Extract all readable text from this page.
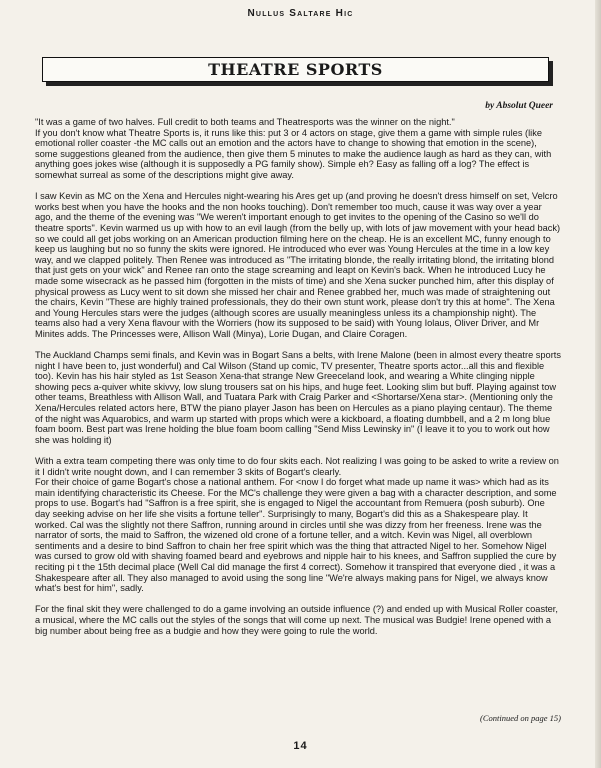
Nullus Saltare Hic
THEATRE SPORTS
by Absolut Queer

"It was a game of two halves. Full credit to both teams and Theatresports was the winner on the night."

If you don't know what Theatre Sports is, it runs like this: put 3 or 4 actors on stage, give them a game with simple rules (like emotional roller coaster -the MC calls out an emotion and the actors have to change to showing that emotion in the scene), some suggestions gleaned from the audience, then give them 5 minutes to make the audience laugh as hard as they can, with anything goes jokes wise (although it is supposedly a PG family show). Simple eh? Easy as falling off a log? The effect is somewhat surreal as some of the descriptions might give away.

I saw Kevin as MC on the Xena and Hercules night-wearing his Ares get up (and proving he doesn't dress himself on set, Velcro works best when you have the hooks and the non hooks touching). Don't remember too much, cause it was way over a year ago, and the theme of the evening was "We weren't important enough to get invites to the opening of the Casino so we'll do theatre sports". Kevin warmed us up with how to an evil laugh (from the belly up, with lots of jaw movement with your head back) so we could all get jobs working on an American production filming here on the cheap. He is an excellent MC, funny enough to keep us laughing but no so funny the skits were ignored. He introduced who ever was Young Hercules at the time in a low key way, and we clapped politely. Then Renee was introduced as "The irritating blonde, the really irritating blond, the irritating blond that just gets on your wick" and Renee ran onto the stage screaming and leapt on Kevin's back. When he introduced Lucy he made some wisecrack as he passed him (forgotten in the mists of time) and she Xena sucker punched him, after this display of physical prowess as Lucy went to sit down she missed her chair and Renee grabbed her, much was made of straightening out the chairs, Kevin "These are highly trained professionals, they do their own stunt work, please don't try this at home". The Xena and Young Hercules stars were the judges (although scores are usually meaningless unless its a championship night). The teams also had a very Xena flavour with the Worriers (how its supposed to be said) with Young Iolaus, Oliver Driver, and Mr Minites adds. The Princesses were, Allison Wall (Minya), Lorie Dugan, and Claire Coragen.

The Auckland Champs semi finals, and Kevin was in Bogart Sans a belts, with Irene Malone (been in almost every theatre sports night I have been to, just wonderful) and Cal Wilson (Stand up comic, TV presenter, Theatre sports actor...all this and flexible too). Kevin has his hair styled as 1st Season Xena-that strange New Greeceland look, and wearing a White clinging nipple showing pecs a-quiver white skivvy, low slung trousers sat on his hips, and huge feet. Looking slim but buff. Playing against tow other teams, Breathless with Allison Wall, and Tuatara Park with Craig Parker and <Shortarse/Xena star>. (Mentioning only the Xena/Hercules related actors here, BTW the piano player Jason has been on Hercules as a piano playing centaur). The theme of the night was Aquarobics, and warm up started with props which were a kickboard, a floating dumbbell, and a 2 m long blue foam boom. Best part was Irene holding the blue foam boom calling "Send Miss Lewinsky in" (I leave it to you to work out how she was holding it)

With a extra team competing there was only time to do four skits each. Not realizing I was going to be asked to write a review on it I didn't write nought down, and I can remember 3 skits of Bogart's clearly.

For their choice of game Bogart's chose a national anthem. For <now I do forget what made up name it was> which had as its main identifying characteristic its Cheese. For the MC's challenge they were given a bag with a character description, and some props to use. Bogart's had "Saffron is a free spirit, she is engaged to Nigel the accountant from Remuera (posh suburb). One day seeking advise on her life she visits a fortune teller". Surprisingly to many, Bogart's did this as a Shakespeare play. It worked. Cal was the slightly not there Saffron, running around in circles until she was dizzy from her freeness. Irene was the narrator of sorts, the maid to Saffron, the wizened old crone of a fortune teller, and a witch. Kevin was Nigel, all overblown sentiments and a desire to bind Saffron to chain her free spirit which was the thing that attracted Nigel to her. Somehow Nigel was cursed to grow old with shaving foamed beard and eyebrows and nipple hair to his knees, and Saffron supplied the cure by reciting pi t the 15th decimal place (Well Cal did manage the first 4 correct). Somehow it transpired that everyone died , it was a Shakespeare after all. They also managed to avoid using the song line "We're always making pans for Nigel, we always know what's best for him", sadly.

For the final skit they were challenged to do a game involving an outside influence (?) and ended up with Musical Roller coaster, a musical, where the MC calls out the styles of the songs that will come up next. The musical was Budgie! Irene opened with a big number about being free as a budgie and how they were going to rule the world.

(Continued on page 15)
14
